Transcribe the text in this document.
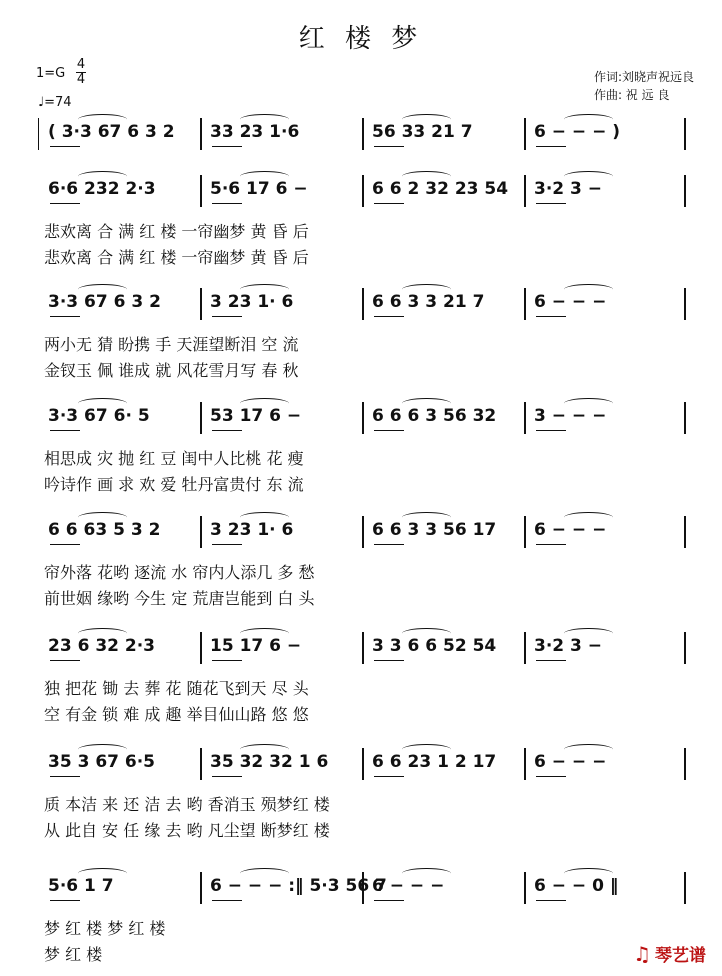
红 楼 梦
1=G
4
4
♩=74
作词:刘晓声祝远良
作曲: 祝 远 良
( 3·3 67 6 3 2 33 23 1·6	56 33 21 7	6 − − − )
6·6 232 2·3	5·6 17 6 −	6 6 2 32 23 54 3·2 3 −
悲欢离 合 满 红 楼 一帘幽梦 黄 昏 后
悲欢离 合 满 红 楼 一帘幽梦 黄 昏 后
3·3 67 6 3 2	3 23 1· 6	6 6 3 3 21 7	6 − − −
两小无 猜 盼携 手 天涯望断泪 空 流
金钗玉 佩 谁成 就 风花雪月写 春 秋
3·3 67 6· 5	53 17 6 −	6 6 6 3 56 32 3 − − −
相思成 灾 抛 红 豆 闺中人比桃 花 瘦
吟诗作 画 求 欢 爱 牡丹富贵付 东 流
6 6 63 5 3 2	3 23 1· 6	6 6 3 3 56 17 6 − − −
帘外落 花哟 逐流 水 帘内人添几 多 愁
前世姻 缘哟 今生 定 荒唐岂能到 白 头
23 6 32 2·3	15 17 6 −	3 3 6 6 52 54 3·2 3 −
独 把花 锄 去 葬 花 随花飞到天 尽 头
空 有金 锁 难 成 趣 举目仙山路 悠 悠
35 3 67 6·5	35 32 32 1 6	6 6 23 1 2 17 6 − − −
质 本洁 来 还 洁 去 哟 香消玉 殒梦红 楼
从 此自 安 任 缘 去 哟 凡尘望 断梦红 楼
5·6 1 7	6 − − − :‖ 5·3 56 7
6 − − −	6 − − 0 ‖
梦 红 楼 梦 红 楼
梦 红 楼	♫ 琴艺谱
